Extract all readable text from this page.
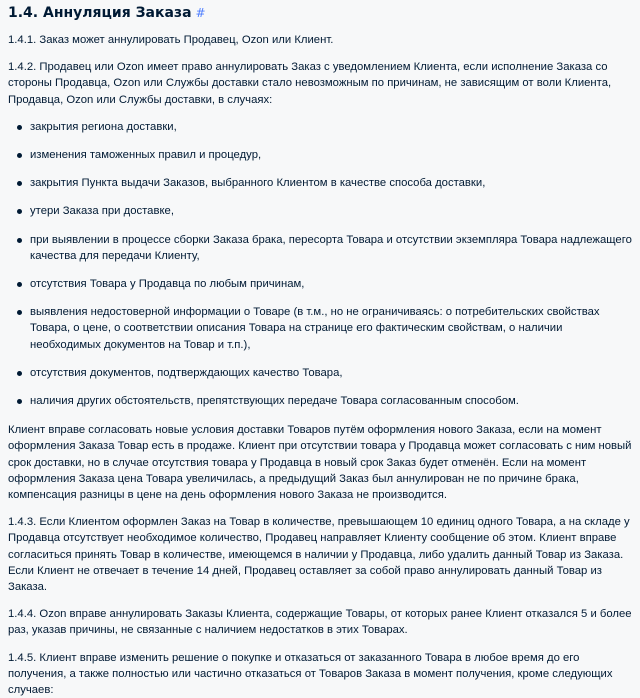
1.4. Аннуляция Заказа #

1.4.1. Заказ может аннулировать Продавец, Ozon или Клиент.

1.4.2. Продавец или Ozon имеет право аннулировать Заказ с уведомлением Клиента, если исполнение Заказа со стороны Продавца, Ozon или Службы доставки стало невозможным по причинам, не зависящим от воли Клиента, Продавца, Ozon или Службы доставки, в случаях:

закрытия региона доставки,
изменения таможенных правил и процедур,
закрытия Пункта выдачи Заказов, выбранного Клиентом в качестве способа доставки,
утери Заказа при доставке,
при выявлении в процессе сборки Заказа брака, пересорта Товара и отсутствии экземпляра Товара надлежащего качества для передачи Клиенту,
отсутствия Товара у Продавца по любым причинам,
выявления недостоверной информации о Товаре (в т.м., но не ограничиваясь: о потребительских свойствах Товара, о цене, о соответствии описания Товара на странице его фактическим свойствам, о наличии необходимых документов на Товар и т.п.),
отсутствия документов, подтверждающих качество Товара,
наличия других обстоятельств, препятствующих передаче Товара согласованным способом.

Клиент вправе согласовать новые условия доставки Товаров путём оформления нового Заказа, если на момент оформления Заказа Товар есть в продаже. Клиент при отсутствии товара у Продавца может согласовать с ним новый срок доставки, но в случае отсутствия товара у Продавца в новый срок Заказ будет отменён. Если на момент оформления Заказа цена Товара увеличилась, а предыдущий Заказ был аннулирован не по причине брака, компенсация разницы в цене на день оформления нового Заказа не производится.

1.4.3. Если Клиентом оформлен Заказ на Товар в количестве, превышающем 10 единиц одного Товара, а на складе у Продавца отсутствует необходимое количество, Продавец направляет Клиенту сообщение об этом. Клиент вправе согласиться принять Товар в количестве, имеющемся в наличии у Продавца, либо удалить данный Товар из Заказа. Если Клиент не отвечает в течение 14 дней, Продавец оставляет за собой право аннулировать данный Товар из Заказа.

1.4.4. Ozon вправе аннулировать Заказы Клиента, содержащие Товары, от которых ранее Клиент отказался 5 и более раз, указав причины, не связанные с наличием недостатков в этих Товарах.

1.4.5. Клиент вправе изменить решение о покупке и отказаться от заказанного Товара в любое время до его получения, а также полностью или частично отказаться от Товаров Заказа в момент получения, кроме следующих случаев:
